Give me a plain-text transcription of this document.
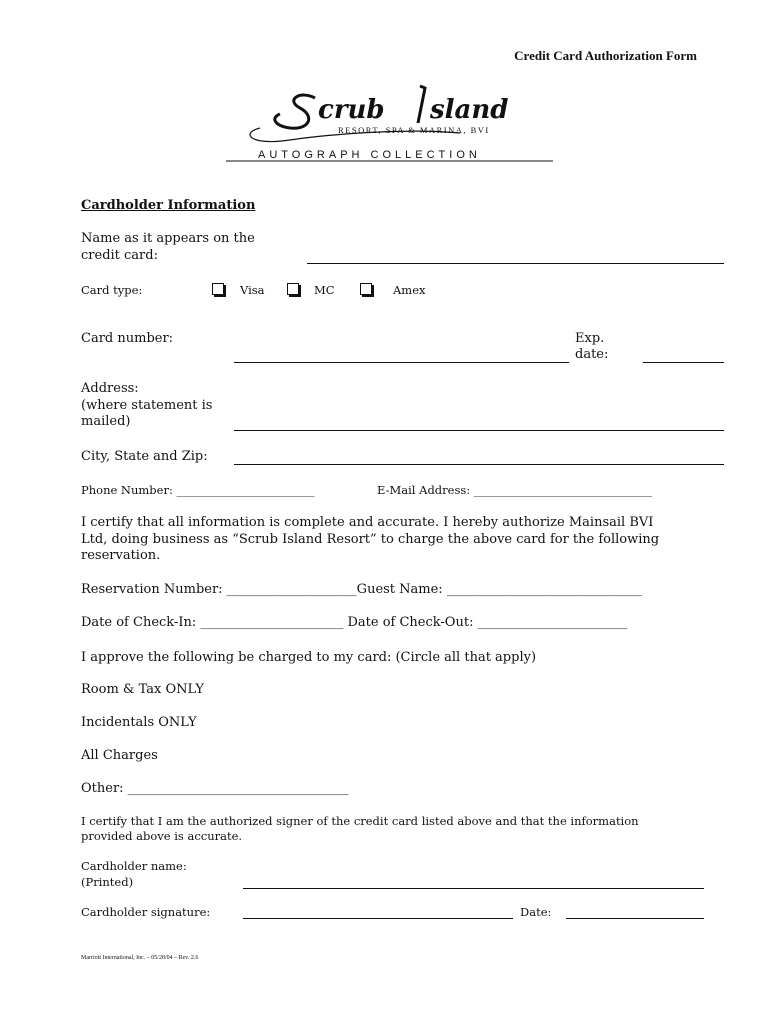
Credit Card Authorization Form
crub sland
RESORT, SPA & MARINA, BVI
AUTOGRAPH COLLECTION
Cardholder Information
Name as it appears on the
credit card:
Card type:	Visa	MC	Amex
Card number:	Exp.
date:
Address:
(where statement is
mailed)
City, State and Zip:
Phone Number: ________________________	E-Mail Address: _______________________________
I certify that all information is complete and accurate. I hereby authorize Mainsail BVI
Ltd, doing business as “Scrub Island Resort” to charge the above card for the following
reservation.
Reservation Number: ____________________Guest Name: ______________________________
Date of Check-In: ______________________ Date of Check-Out: _______________________
I approve the following be charged to my card: (Circle all that apply)
Room & Tax ONLY
Incidentals ONLY
All Charges
Other: __________________________________
I certify that I am the authorized signer of the credit card listed above and that the information
provided above is accurate.
Cardholder name:
(Printed)
Cardholder signature:	Date:
Marriott International, Inc. – 05/28/04 – Rev. 2.6
